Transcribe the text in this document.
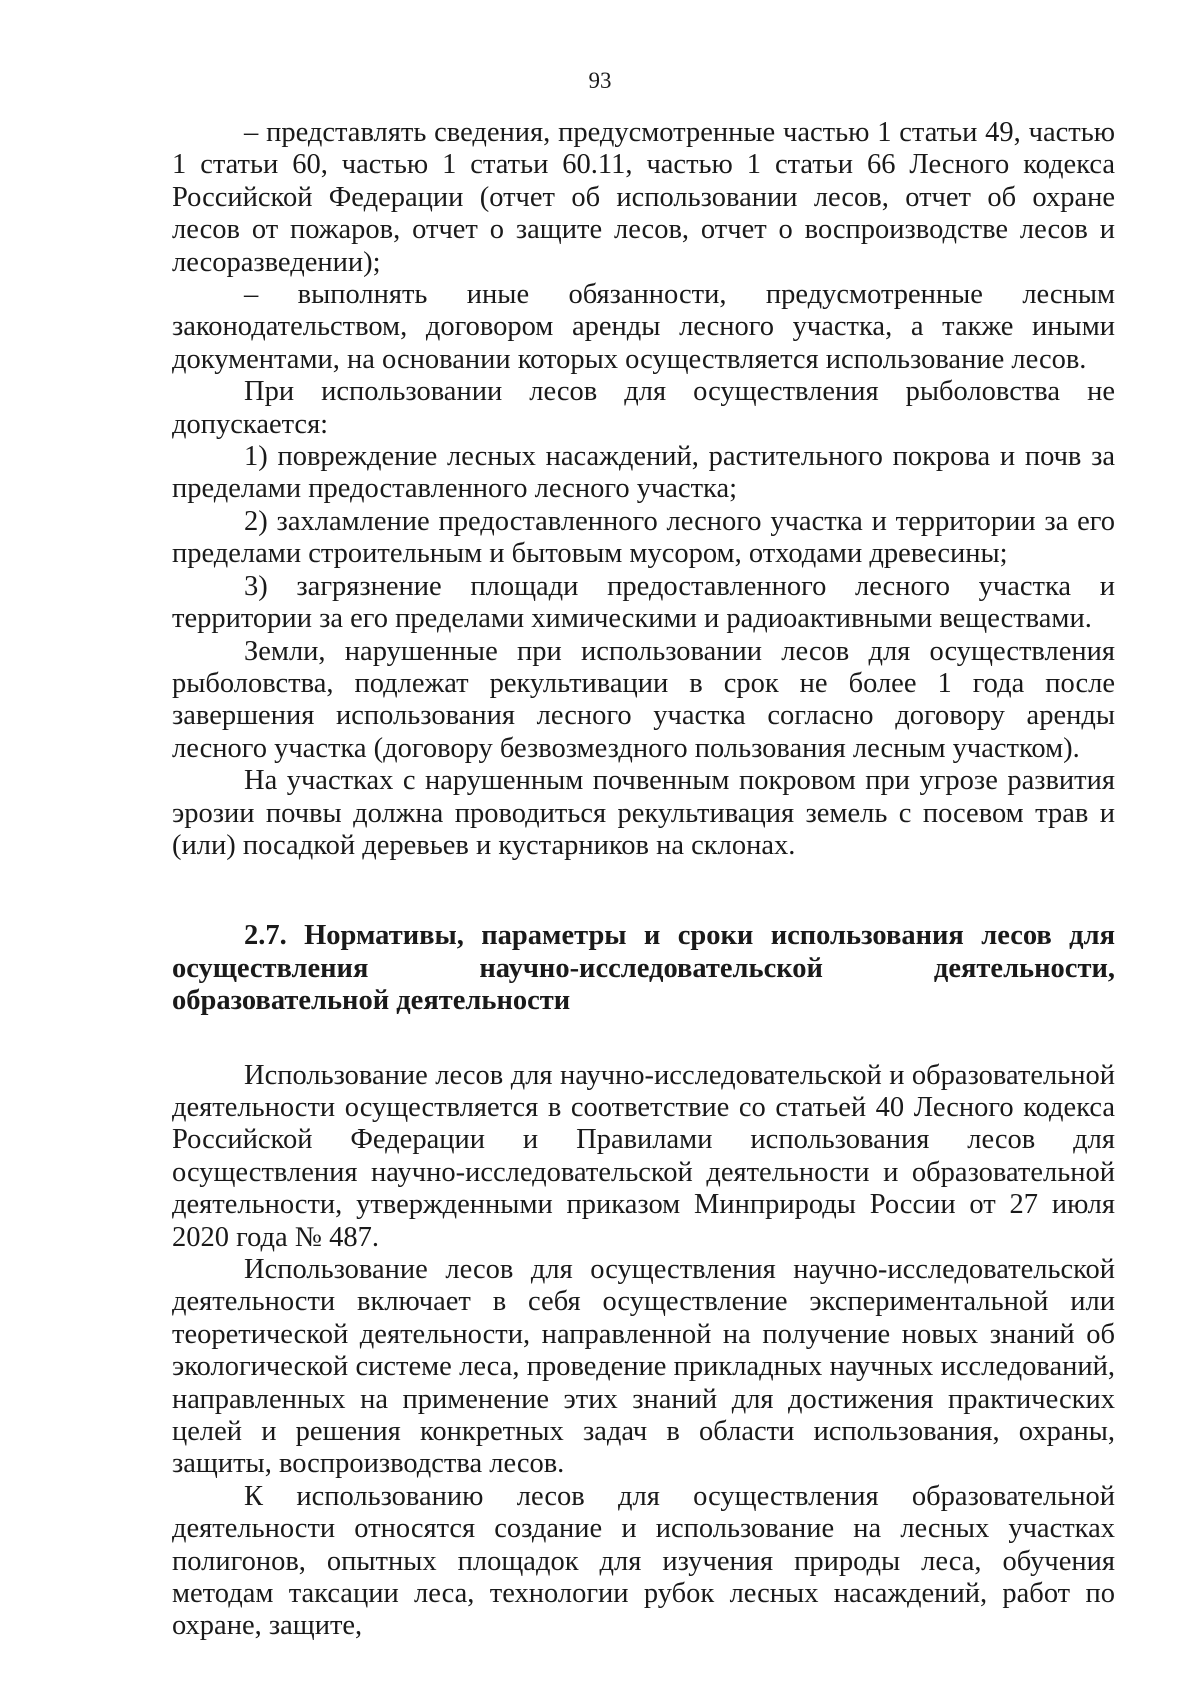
93

– представлять сведения, предусмотренные частью 1 статьи 49, частью 1 статьи 60, частью 1 статьи 60.11, частью 1 статьи 66 Лесного кодекса Российской Федерации (отчет об использовании лесов, отчет об охране лесов от пожаров, отчет о защите лесов, отчет о воспроизводстве лесов и лесоразведении);

– выполнять иные обязанности, предусмотренные лесным законодательством, договором аренды лесного участка, а также иными документами, на основании которых осуществляется использование лесов.

При использовании лесов для осуществления рыболовства не допускается:

1) повреждение лесных насаждений, растительного покрова и почв за пределами предоставленного лесного участка;

2) захламление предоставленного лесного участка и территории за его пределами строительным и бытовым мусором, отходами древесины;

3) загрязнение площади предоставленного лесного участка и территории за его пределами химическими и радиоактивными веществами.

Земли, нарушенные при использовании лесов для осуществления рыболовства, подлежат рекультивации в срок не более 1 года после завершения использования лесного участка согласно договору аренды лесного участка (договору безвозмездного пользования лесным участком).

На участках с нарушенным почвенным покровом при угрозе развития эрозии почвы должна проводиться рекультивация земель с посевом трав и (или) посадкой деревьев и кустарников на склонах.

2.7. Нормативы, параметры и сроки использования лесов для осуществления научно-исследовательской деятельности, образовательной деятельности

Использование лесов для научно-исследовательской и образовательной деятельности осуществляется в соответствие со статьей 40 Лесного кодекса Российской Федерации и Правилами использования лесов для осуществления научно-исследовательской деятельности и образовательной деятельности, утвержденными приказом Минприроды России от 27 июля 2020 года № 487.

Использование лесов для осуществления научно-исследовательской деятельности включает в себя осуществление экспериментальной или теоретической деятельности, направленной на получение новых знаний об экологической системе леса, проведение прикладных научных исследований, направленных на применение этих знаний для достижения практических целей и решения конкретных задач в области использования, охраны, защиты, воспроизводства лесов.

К использованию лесов для осуществления образовательной деятельности относятся создание и использование на лесных участках полигонов, опытных площадок для изучения природы леса, обучения методам таксации леса, технологии рубок лесных насаждений, работ по охране, защите,
